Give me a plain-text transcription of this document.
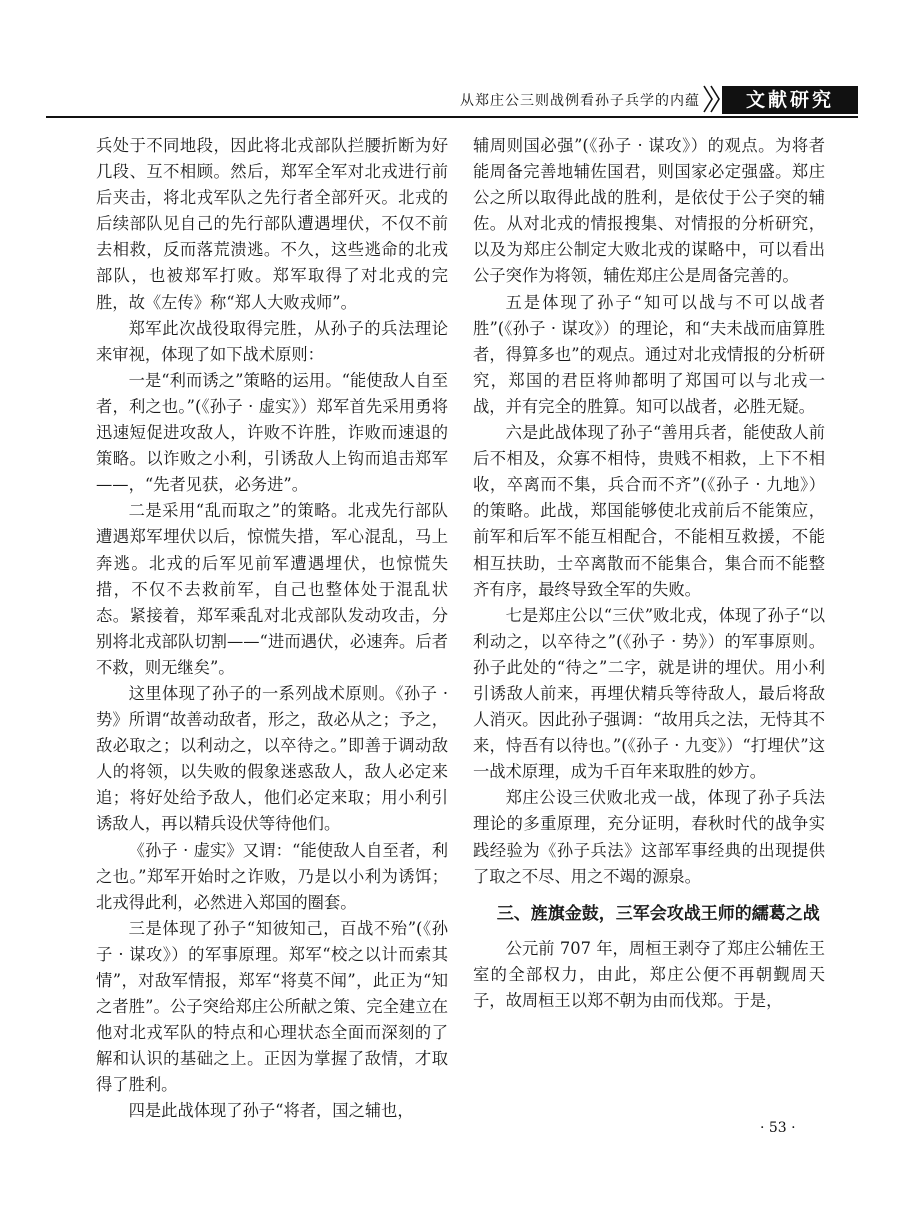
从郑庄公三则战例看孙子兵学的内蕴	文献研究

兵处于不同地段，因此将北戎部队拦腰折断为好几段、互不相顾。然后，郑军全军对北戎进行前后夹击，将北戎军队之先行者全部歼灭。北戎的后续部队见自己的先行部队遭遇埋伏，不仅不前去相救，反而落荒溃逃。不久，这些逃命的北戎部队，也被郑军打败。郑军取得了对北戎的完胜，故《左传》称“郑人大败戎师”。

郑军此次战役取得完胜，从孙子的兵法理论来审视，体现了如下战术原则：

一是“利而诱之”策略的运用。“能使敌人自至者，利之也。”(《孙子 · 虚实》）郑军首先采用勇将迅速短促进攻敌人，许败不许胜，诈败而速退的策略。以诈败之小利，引诱敌人上钩而追击郑军——，“先者见获，必务进”。

二是采用“乱而取之”的策略。北戎先行部队遭遇郑军埋伏以后，惊慌失措，军心混乱，马上奔逃。北戎的后军见前军遭遇埋伏，也惊慌失措，不仅不去救前军，自己也整体处于混乱状态。紧接着，郑军乘乱对北戎部队发动攻击，分别将北戎部队切割——“进而遇伏，必速奔。后者不救，则无继矣”。

这里体现了孙子的一系列战术原则。《孙子 · 势》所谓“故善动敌者，形之，敌必从之；予之，敌必取之；以利动之，以卒待之。”即善于调动敌人的将领，以失败的假象迷惑敌人，敌人必定来追；将好处给予敌人，他们必定来取；用小利引诱敌人，再以精兵设伏等待他们。

《孙子 · 虚实》又谓：“能使敌人自至者，利之也。”郑军开始时之诈败，乃是以小利为诱饵；北戎得此利，必然进入郑国的圈套。

三是体现了孙子“知彼知己，百战不殆”(《孙子 · 谋攻》）的军事原理。郑军“校之以计而索其情”，对敌军情报，郑军“将莫不闻”，此正为“知之者胜”。公子突给郑庄公所献之策、完全建立在他对北戎军队的特点和心理状态全面而深刻的了解和认识的基础之上。正因为掌握了敌情，才取得了胜利。

四是此战体现了孙子“将者，国之辅也，

辅周则国必强”(《孙子 · 谋攻》）的观点。为将者能周备完善地辅佐国君，则国家必定强盛。郑庄公之所以取得此战的胜利，是依仗于公子突的辅佐。从对北戎的情报搜集、对情报的分析研究，以及为郑庄公制定大败北戎的谋略中，可以看出公子突作为将领，辅佐郑庄公是周备完善的。

五是体现了孙子“知可以战与不可以战者胜”(《孙子 · 谋攻》）的理论，和“夫未战而庙算胜者，得算多也”的观点。通过对北戎情报的分析研究，郑国的君臣将帅都明了郑国可以与北戎一战，并有完全的胜算。知可以战者，必胜无疑。

六是此战体现了孙子“善用兵者，能使敌人前后不相及，众寡不相恃，贵贱不相救，上下不相收，卒离而不集，兵合而不齐”(《孙子 · 九地》）的策略。此战，郑国能够使北戎前后不能策应，前军和后军不能互相配合，不能相互救援，不能相互扶助，士卒离散而不能集合，集合而不能整齐有序，最终导致全军的失败。

七是郑庄公以“三伏”败北戎，体现了孙子“以利动之，以卒待之”(《孙子 · 势》）的军事原则。孙子此处的“待之”二字，就是讲的埋伏。用小利引诱敌人前来，再埋伏精兵等待敌人，最后将敌人消灭。因此孙子强调：“故用兵之法，无恃其不来，恃吾有以待也。”(《孙子 · 九变》）“打埋伏”这一战术原理，成为千百年来取胜的妙方。

郑庄公设三伏败北戎一战，体现了孙子兵法理论的多重原理，充分证明，春秋时代的战争实践经验为《孙子兵法》这部军事经典的出现提供了取之不尽、用之不竭的源泉。

三、旌旗金鼓，三军会攻战王师的繻葛之战

公元前 707 年，周桓王剥夺了郑庄公辅佐王室的全部权力，由此，郑庄公便不再朝觐周天子，故周桓王以郑不朝为由而伐郑。于是，

· 53 ·
